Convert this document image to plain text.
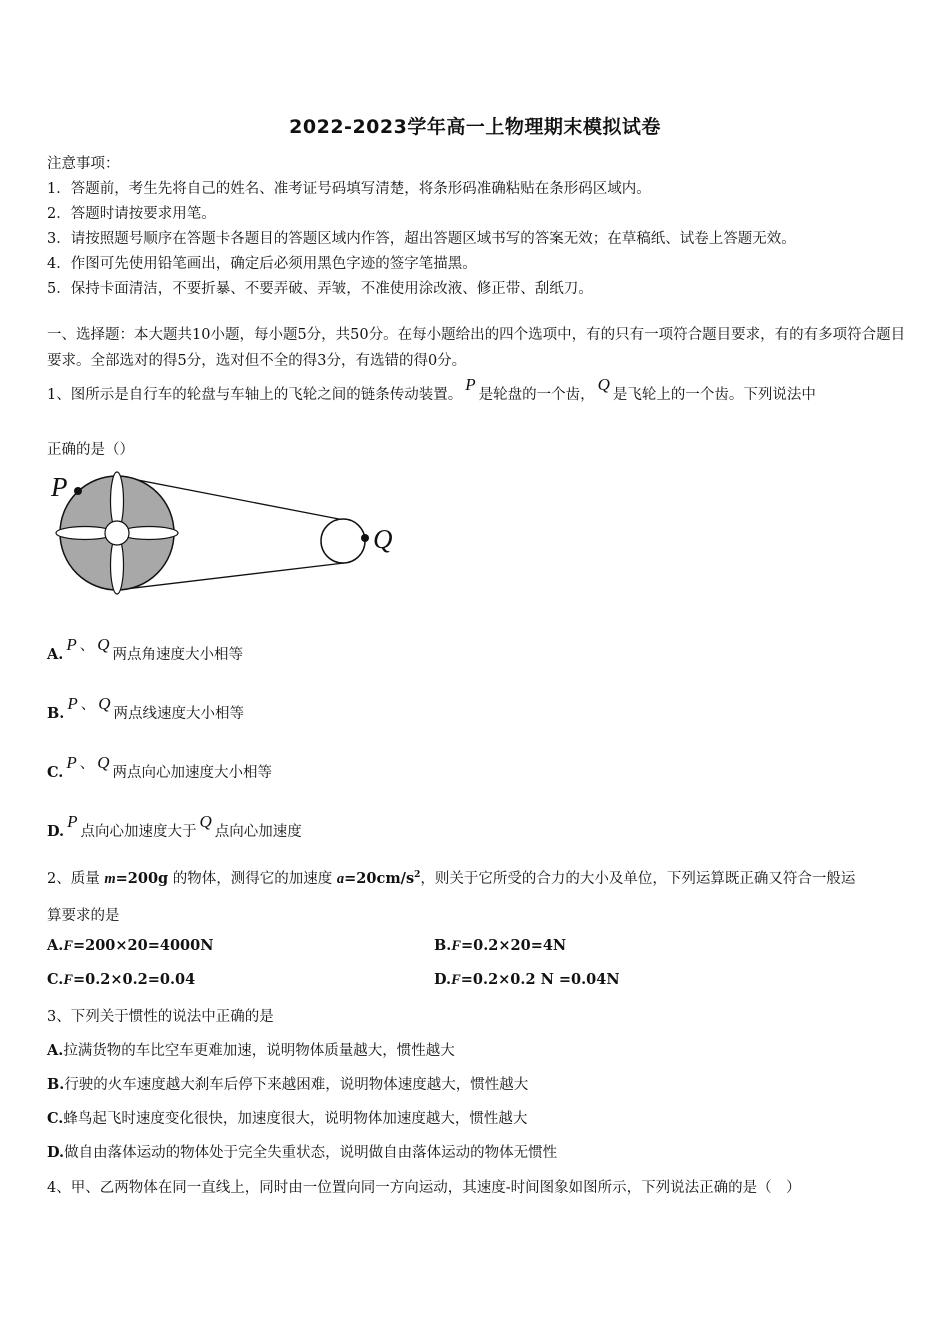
2022-2023学年高一上物理期末模拟试卷
注意事项：
1．答题前，考生先将自己的姓名、准考证号码填写清楚，将条形码准确粘贴在条形码区域内。
2．答题时请按要求用笔。
3．请按照题号顺序在答题卡各题目的答题区域内作答，超出答题区域书写的答案无效；在草稿纸、试卷上答题无效。
4．作图可先使用铅笔画出，确定后必须用黑色字迹的签字笔描黑。
5．保持卡面清洁，不要折暴、不要弄破、弄皱，不准使用涂改液、修正带、刮纸刀。
一、选择题：本大题共10小题，每小题5分，共50分。在每小题给出的四个选项中，有的只有一项符合题目要求，有的有多项符合题目要求。全部选对的得5分，选对但不全的得3分，有选错的得0分。
1、图所示是自行车的轮盘与车轴上的飞轮之间的链条传动装置。P是轮盘的一个齿，Q是飞轮上的一个齿。下列说法中
正确的是（）
P
Q
A.P 、 Q两点角速度大小相等
B.P 、 Q两点线速度大小相等
C.P 、 Q两点向心加速度大小相等
D.P点向心加速度大于Q点向心加速度
2、质量 m=200g 的物体，测得它的加速度 $a=20cm/s^2$，则关于它所受的合力的大小及单位，下列运算既正确又符合一般运
算要求的是
A.F=200×20=4000N	B.F=0.2×20=4N
C.F=0.2×0.2=0.04	D.F=0.2×0.2 N =0.04N
3、下列关于惯性的说法中正确的是
A.拉满货物的车比空车更难加速，说明物体质量越大，惯性越大
B.行驶的火车速度越大刹车后停下来越困难，说明物体速度越大，惯性越大
C.蜂鸟起飞时速度变化很快，加速度很大，说明物体加速度越大，惯性越大
D.做自由落体运动的物体处于完全失重状态，说明做自由落体运动的物体无惯性
4、甲、乙两物体在同一直线上，同时由一位置向同一方向运动，其速度-时间图象如图所示，下列说法正确的是（　）
